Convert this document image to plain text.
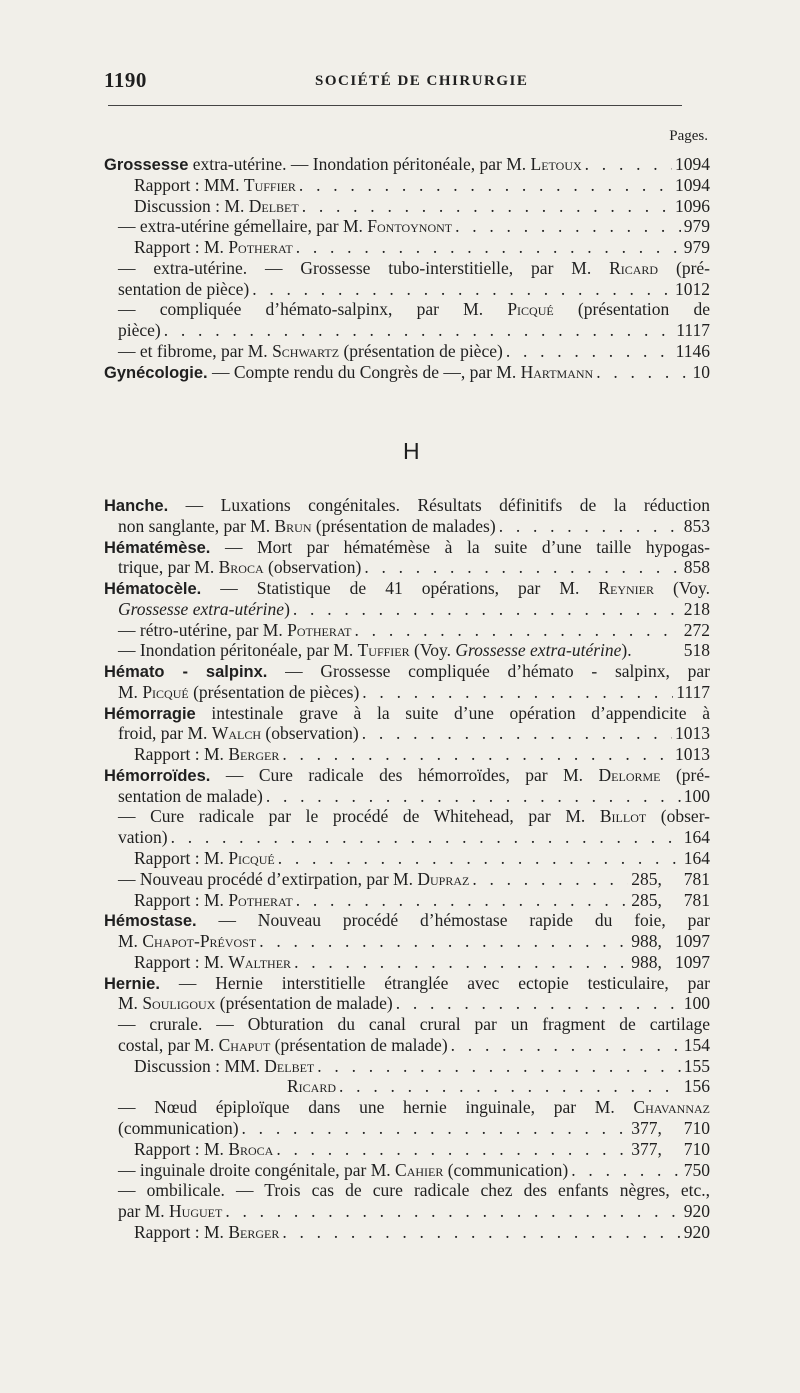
1190	SOCIÉTÉ DE CHIRURGIE
Pages.
Grossesse extra-utérine. — Inondation péritonéale, par M. Letoux . . .	1094
Rapport : MM. Tuffier . . .	1094
Discussion : M. Delbet . . .	1096
— extra-utérine gémellaire, par M. Fontoynont . . .	979
Rapport : M. Potherat . . .	979
— extra-utérine. — Grossesse tubo-interstitielle, par M. Ricard (pré-
sentation de pièce) . . .	1012
— compliquée d’hémato-salpinx, par M. Picqué (présentation de
pièce) . . .	1117
— et fibrome, par M. Schwartz (présentation de pièce) . . .	1146
Gynécologie. — Compte rendu du Congrès de —, par M. Hartmann . . .	10
H
Hanche. — Luxations congénitales. Résultats définitifs de la réduction
non sanglante, par M. Brun (présentation de malades) . . .	853
Hématémèse. — Mort par hématémèse à la suite d’une taille hypogas-
trique, par M. Broca (observation) . . .	858
Hématocèle. — Statistique de 41 opérations, par M. Reynier (Voy.
Grossesse extra-utérine) . . .	218
— rétro-utérine, par M. Potherat . . .	272
— Inondation péritonéale, par M. Tuffier (Voy. Grossesse extra-utérine).	518
Hémato - salpinx. — Grossesse compliquée d’hémato - salpinx, par
M. Picqué (présentation de pièces) . . .	1117
Hémorragie intestinale grave à la suite d’une opération d’appendicite à
froid, par M. Walch (observation) . . .	1013
Rapport : M. Berger . . .	1013
Hémorroïdes. — Cure radicale des hémorroïdes, par M. Delorme (pré-
sentation de malade) . . .	100
— Cure radicale par le procédé de Whitehead, par M. Billot (obser-
vation) . . .	164
Rapport : M. Picqué . . .	164
— Nouveau procédé d’extirpation, par M. Dupraz . . .	285,     781
Rapport : M. Potherat . . .	285,     781
Hémostase. — Nouveau procédé d’hémostase rapide du foie, par
M. Chapot-Prévost . . .	988,   1097
Rapport : M. Walther . . .	988,   1097
Hernie. — Hernie interstitielle étranglée avec ectopie testiculaire, par
M. Souligoux (présentation de malade) . . .	100
— crurale. — Obturation du canal crural par un fragment de cartilage
costal, par M. Chaput (présentation de malade) . . .	154
Discussion : MM. Delbet . . .	155
Ricard . . .	156
— Nœud épiploïque dans une hernie inguinale, par M. Chavannaz
(communication) . . .	377,     710
Rapport : M. Broca . . .	377,     710
— inguinale droite congénitale, par M. Cahier (communication) . . .	750
— ombilicale. — Trois cas de cure radicale chez des enfants nègres, etc.,
par M. Huguet . . .	920
Rapport : M. Berger . . .	920
